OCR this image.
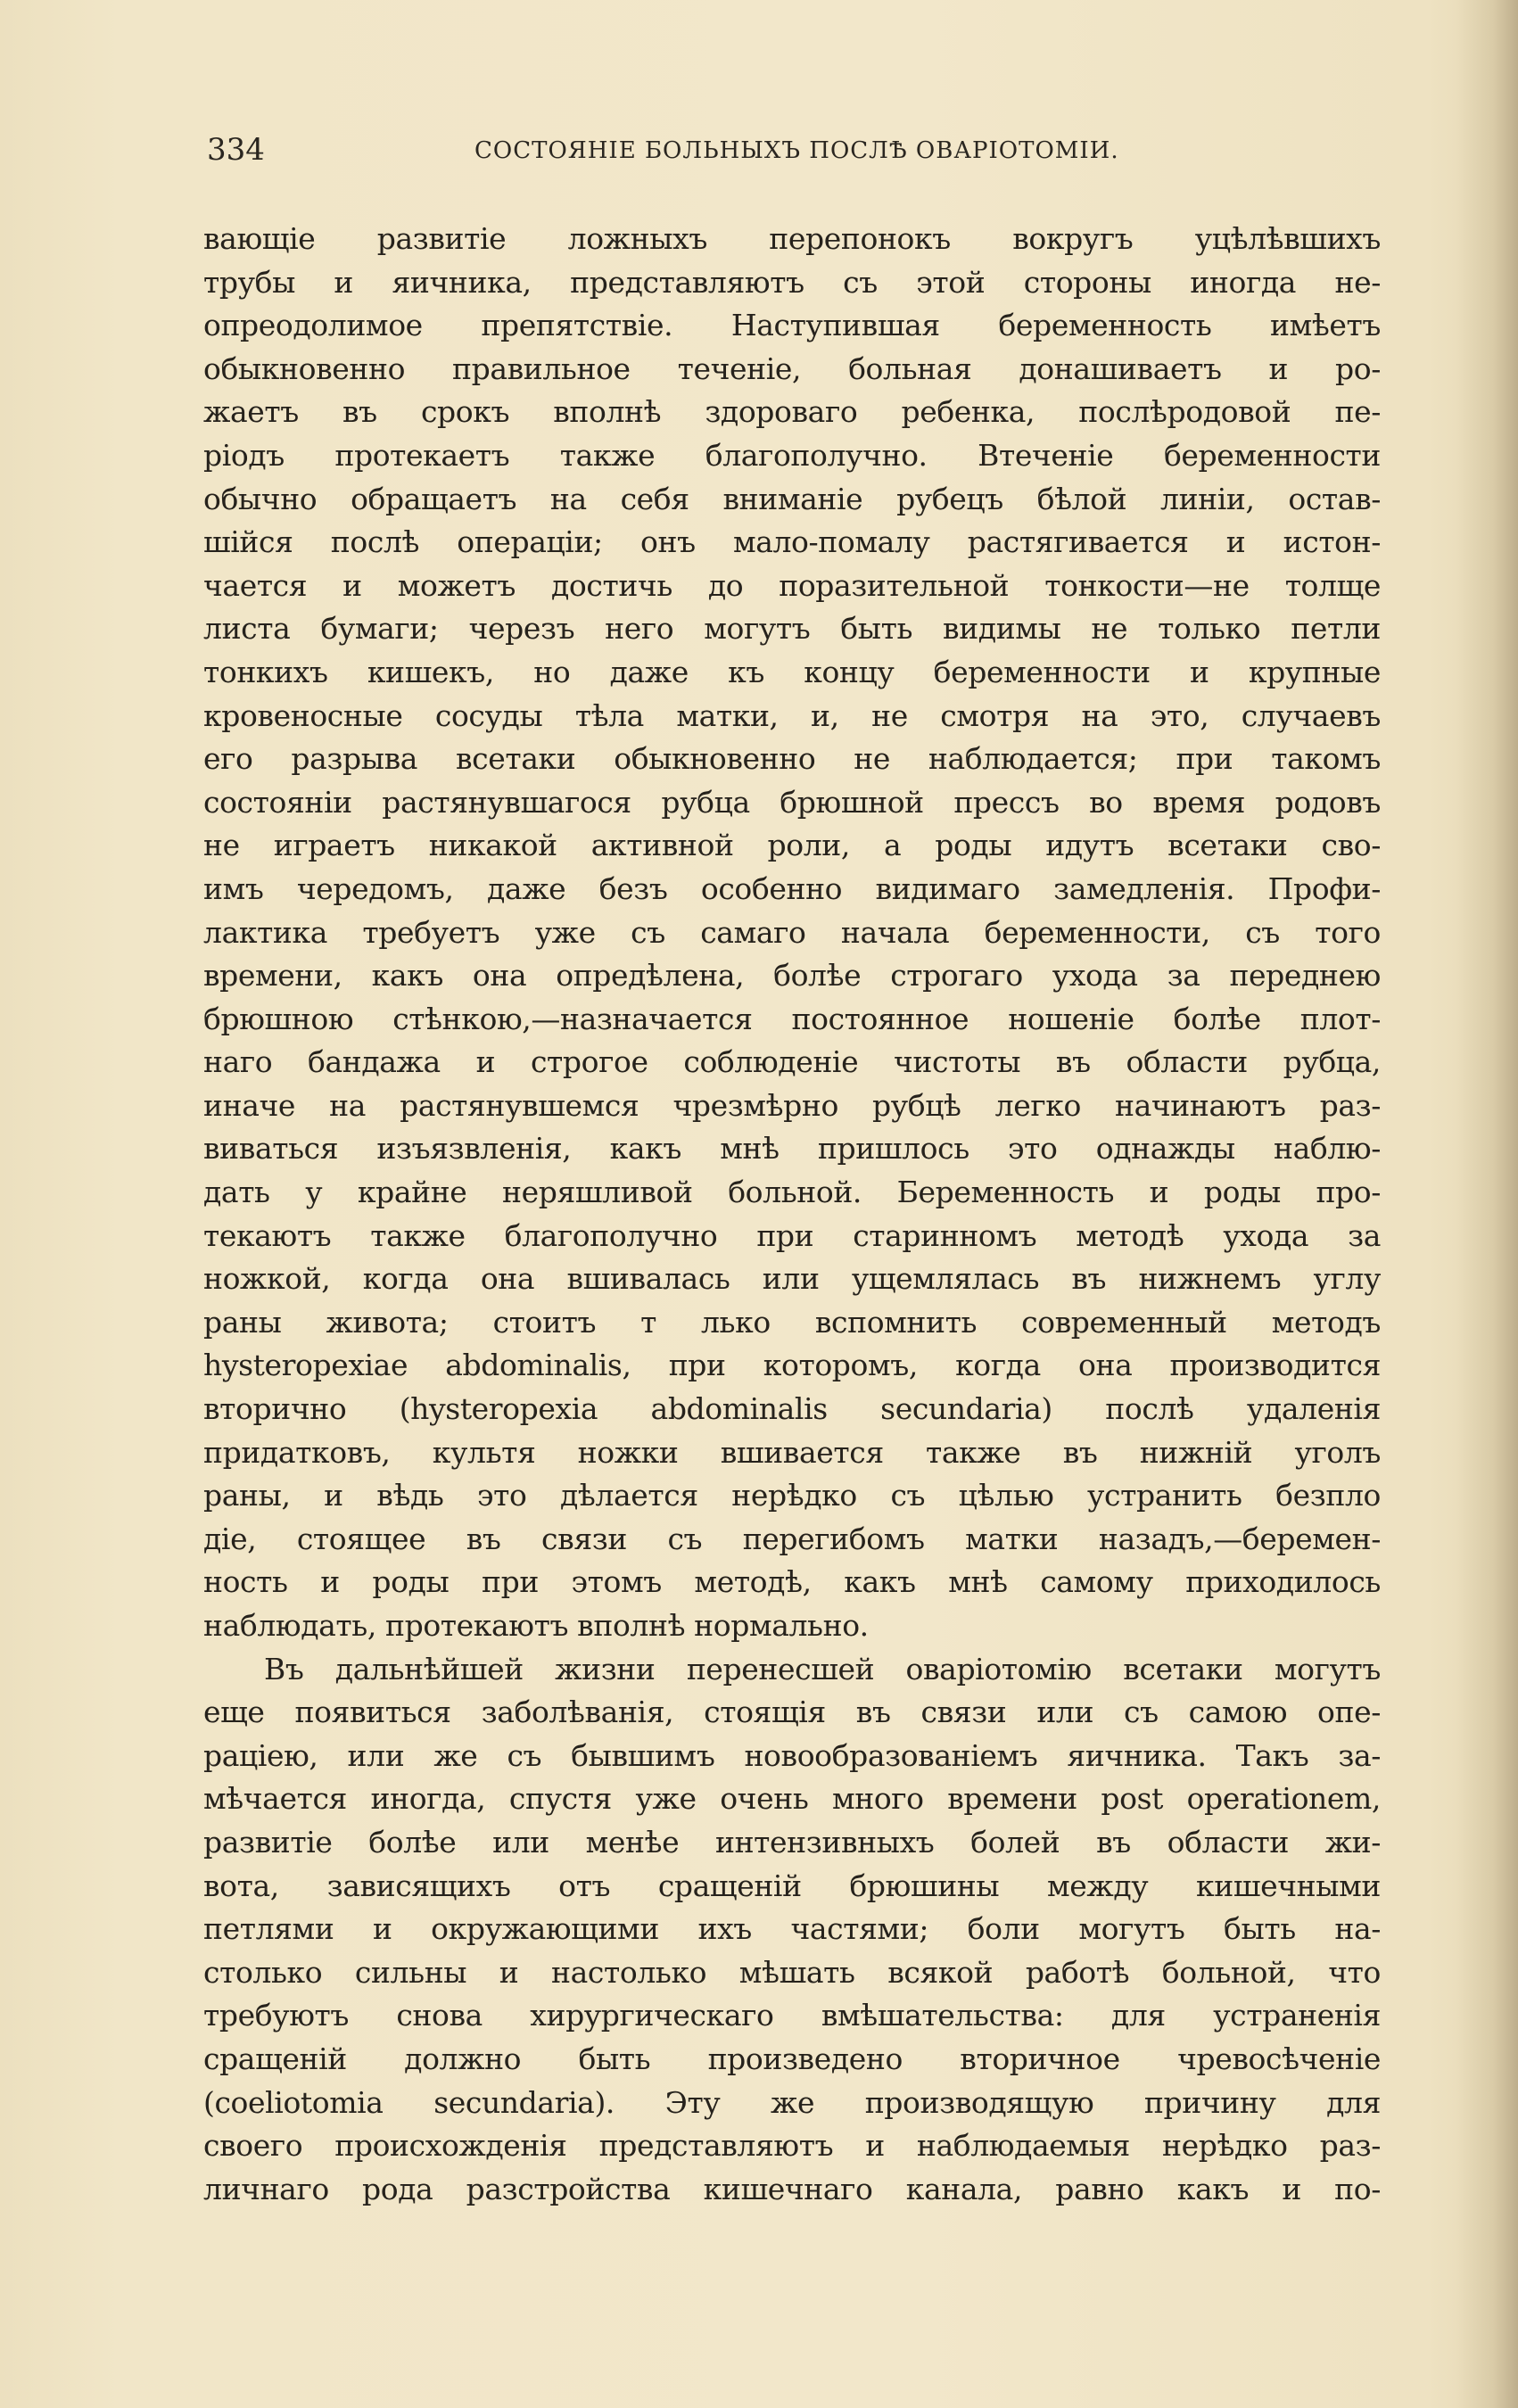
334	СОСТОЯНІЕ БОЛЬНЫХЪ ПОСЛѢ ОВАРІОТОМІИ.
вающіе развитіе ложныхъ перепонокъ вокругъ уцѣлѣвшихъ
трубы и яичника, представляютъ съ этой стороны иногда не-
опреодолимое препятствіе. Наступившая беременность имѣетъ
обыкновенно правильное теченіе, больная донашиваетъ и ро-
жаетъ въ срокъ вполнѣ здороваго ребенка, послѣродовой пе-
ріодъ протекаетъ также благополучно. Втеченіе беременности
обычно обращаетъ на себя вниманіе рубецъ бѣлой линіи, остав-
шійся послѣ операціи; онъ мало-помалу растягивается и истон-
чается и можетъ достичь до поразительной тонкости—не толще
листа бумаги; черезъ него могутъ быть видимы не только петли
тонкихъ кишекъ, но даже къ концу беременности и крупные
кровеносные сосуды тѣла матки, и, не смотря на это, случаевъ
его разрыва всетаки обыкновенно не наблюдается; при такомъ
состояніи растянувшагося рубца брюшной прессъ во время родовъ
не играетъ никакой активной роли, а роды идутъ всетаки сво-
имъ чередомъ, даже безъ особенно видимаго замедленія. Профи-
лактика требуетъ уже съ самаго начала беременности, съ того
времени, какъ она опредѣлена, болѣе строгаго ухода за переднею
брюшною стѣнкою,—назначается постоянное ношеніе болѣе плот-
наго бандажа и строгое соблюденіе чистоты въ области рубца,
иначе на растянувшемся чрезмѣрно рубцѣ легко начинаютъ раз-
виваться изъязвленія, какъ мнѣ пришлось это однажды наблю-
дать у крайне неряшливой больной. Беременность и роды про-
текаютъ также благополучно при старинномъ методѣ ухода за
ножкой, когда она вшивалась или ущемлялась въ нижнемъ углу
раны живота; стоитъ т лько вспомнить современный методъ
hysteropexiae abdominalis, при которомъ, когда она производится
вторично (hysteropexia abdominalis secundaria) послѣ удаленія
придатковъ, культя ножки вшивается также въ нижній уголъ
раны, и вѣдь это дѣлается нерѣдко съ цѣлью устранить безпло
діе, стоящее въ связи съ перегибомъ матки назадъ,—беремен-
ность и роды при этомъ методѣ, какъ мнѣ самому приходилось
наблюдать, протекаютъ вполнѣ нормально.
Въ дальнѣйшей жизни перенесшей оваріотомію всетаки могутъ
еще появиться заболѣванія, стоящія въ связи или съ самою опе-
раціею, или же съ бывшимъ новообразованіемъ яичника. Такъ за-
мѣчается иногда, спустя уже очень много времени post operationem,
развитіе болѣе или менѣе интензивныхъ болей въ области жи-
вота, зависящихъ отъ сращеній брюшины между кишечными
петлями и окружающими ихъ частями; боли могутъ быть на-
столько сильны и настолько мѣшать всякой работѣ больной, что
требуютъ снова хирургическаго вмѣшательства: для устраненія
сращеній должно быть произведено вторичное чревосѣченіе
(coeliotomia secundaria). Эту же производящую причину для
своего происхожденія представляютъ и наблюдаемыя нерѣдко раз-
личнаго рода разстройства кишечнаго канала, равно какъ и по-
